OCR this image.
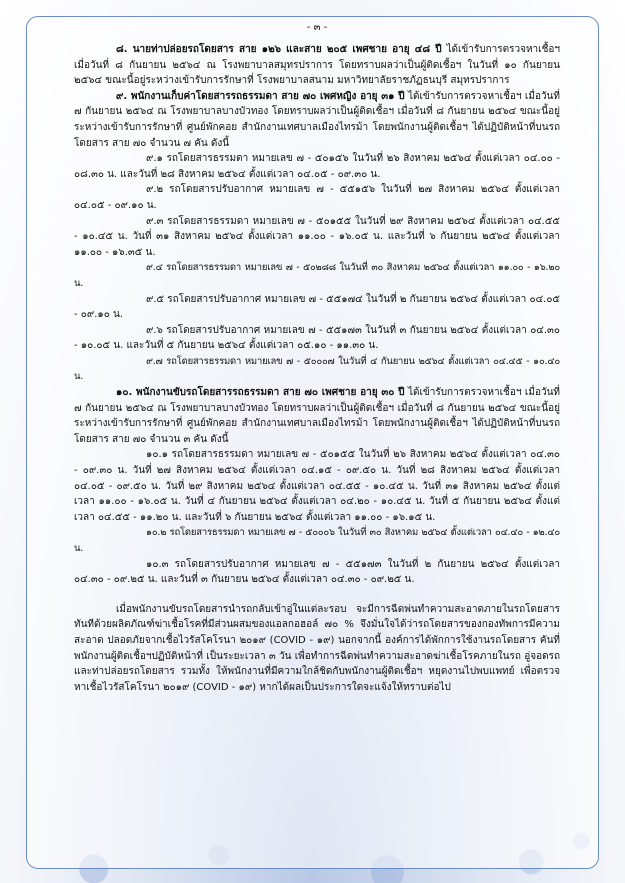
- ๓ -

๘. นายท่าปล่อยรถโดยสาร สาย ๑๒๖ และสาย ๒๐๕ เพศชาย อายุ ๔๘ ปี ได้เข้ารับการตรวจหาเชื้อฯ เมื่อวันที่ ๘ กันยายน ๒๕๖๔ ณ โรงพยาบาลสมุทรปราการ โดยทราบผลว่าเป็นผู้ติดเชื้อฯ ในวันที่ ๑๐ กันยายน ๒๕๖๔ ขณะนี้อยู่ระหว่างเข้ารับการรักษาที่ โรงพยาบาลสนาม มหาวิทยาลัยราชภัฏธนบุรี สมุทรปราการ

๙. พนักงานเก็บค่าโดยสารรถธรรมดา สาย ๗๐ เพศหญิง อายุ ๓๑ ปี ได้เข้ารับการตรวจหาเชื้อฯ เมื่อวันที่ ๗ กันยายน ๒๕๖๔ ณ โรงพยาบาลบางบัวทอง โดยทราบผลว่าเป็นผู้ติดเชื้อฯ เมื่อวันที่ ๘ กันยายน ๒๕๖๔ ขณะนี้อยู่ระหว่างเข้ารับการรักษาที่ ศูนย์พักคอย สำนักงานเทศบาลเมืองไทรม้า โดยพนักงานผู้ติดเชื้อฯ ได้ปฏิบัติหน้าที่บนรถโดยสาร สาย ๗๐ จำนวน ๗ คัน ดังนี้

๙.๑ รถโดยสารธรรมดา หมายเลข ๗ - ๕๐๑๕๖ ในวันที่ ๒๖ สิงหาคม ๒๕๖๔ ตั้งแต่เวลา ๐๔.๐๐ - ๐๘.๓๐ น. และวันที่ ๒๘ สิงหาคม ๒๕๖๔ ตั้งแต่เวลา ๐๔.๐๕ - ๐๙.๓๐ น.

๙.๒ รถโดยสารปรับอากาศ หมายเลข ๗ - ๕๕๑๕๖ ในวันที่ ๒๗ สิงหาคม ๒๕๖๔ ตั้งแต่เวลา ๐๔.๐๕ - ๐๙.๑๐ น.

๙.๓ รถโดยสารธรรมดา หมายเลข ๗ - ๕๐๑๕๕ ในวันที่ ๒๙ สิงหาคม ๒๕๖๔ ตั้งแต่เวลา ๐๔.๕๕ - ๑๐.๔๕ น. วันที่ ๓๑ สิงหาคม ๒๕๖๔ ตั้งแต่เวลา ๑๑.๐๐ - ๑๖.๐๕ น. และวันที่ ๖ กันยายน ๒๕๖๔ ตั้งแต่เวลา ๑๑.๐๐ - ๑๖.๓๕ น.

๙.๔ รถโดยสารธรรมดา หมายเลข ๗ - ๕๐๒๘๘ ในวันที่ ๓๐ สิงหาคม ๒๕๖๔ ตั้งแต่เวลา ๑๑.๐๐ - ๑๖.๒๐ น.

๙.๕ รถโดยสารปรับอากาศ หมายเลข ๗ - ๕๕๑๗๔ ในวันที่ ๒ กันยายน ๒๕๖๔ ตั้งแต่เวลา ๐๔.๐๕ - ๐๙.๑๐ น.

๙.๖ รถโดยสารปรับอากาศ หมายเลข ๗ - ๕๕๑๗๓ ในวันที่ ๓ กันยายน ๒๕๖๔ ตั้งแต่เวลา ๐๔.๓๐ - ๑๐.๐๕ น. และวันที่ ๕ กันยายน ๒๕๖๔ ตั้งแต่เวลา ๐๕.๑๐ - ๑๑.๓๐ น.

๙.๗ รถโดยสารธรรมดา หมายเลข ๗ - ๕๐๐๐๗ ในวันที่ ๔ กันยายน ๒๕๖๔ ตั้งแต่เวลา ๐๔.๔๕ - ๑๐.๔๐ น.

๑๐. พนักงานขับรถโดยสารรถธรรมดา สาย ๗๐ เพศชาย อายุ ๓๐ ปี ได้เข้ารับการตรวจหาเชื้อฯ เมื่อวันที่ ๗ กันยายน ๒๕๖๔ ณ โรงพยาบาลบางบัวทอง โดยทราบผลว่าเป็นผู้ติดเชื้อฯ เมื่อวันที่ ๘ กันยายน ๒๕๖๔ ขณะนี้อยู่ระหว่างเข้ารับการรักษาที่ ศูนย์พักคอย สำนักงานเทศบาลเมืองไทรม้า โดยพนักงานผู้ติดเชื้อฯ ได้ปฏิบัติหน้าที่บนรถโดยสาร สาย ๗๐ จำนวน ๓ คัน ดังนี้

๑๐.๑ รถโดยสารธรรมดา หมายเลข ๗ - ๕๐๑๕๕ ในวันที่ ๒๖ สิงหาคม ๒๕๖๔ ตั้งแต่เวลา ๐๔.๓๐ - ๐๙.๓๐ น. วันที่ ๒๗ สิงหาคม ๒๕๖๔ ตั้งแต่เวลา ๐๔.๑๕ - ๐๙.๕๐ น. วันที่ ๒๘ สิงหาคม ๒๕๖๔ ตั้งแต่เวลา ๐๔.๐๕ - ๐๙.๕๐ น. วันที่ ๒๙ สิงหาคม ๒๕๖๔ ตั้งแต่เวลา ๐๔.๕๕ - ๑๐.๔๕ น. วันที่ ๓๑ สิงหาคม ๒๕๖๔ ตั้งแต่เวลา ๑๑.๐๐ - ๑๖.๐๕ น. วันที่ ๔ กันยายน ๒๕๖๔ ตั้งแต่เวลา ๐๔.๒๐ - ๑๐.๔๕ น. วันที่ ๕ กันยายน ๒๕๖๔ ตั้งแต่เวลา ๐๔.๕๕ - ๑๑.๒๐ น. และวันที่ ๖ กันยายน ๒๕๖๔ ตั้งแต่เวลา ๑๑.๐๐ - ๑๖.๑๕ น.

๑๐.๒ รถโดยสารธรรมดา หมายเลข ๗ - ๕๐๐๐๖ ในวันที่ ๓๐ สิงหาคม ๒๕๖๔ ตั้งแต่เวลา ๐๔.๔๐ - ๑๒.๔๐ น.

๑๐.๓ รถโดยสารปรับอากาศ หมายเลข ๗ - ๕๕๑๗๓ ในวันที่ ๒ กันยายน ๒๕๖๔ ตั้งแต่เวลา ๐๔.๓๐ - ๐๙.๒๕ น. และวันที่ ๓ กันยายน ๒๕๖๔ ตั้งแต่เวลา ๐๔.๓๐ - ๐๙.๒๕ น.

เมื่อพนักงานขับรถโดยสารนำรถกลับเข้าอู่ในแต่ละรอบ จะมีการฉีดพ่นทำความสะอาดภายในรถโดยสารทันทีด้วยผลิตภัณฑ์ฆ่าเชื้อโรคที่มีส่วนผสมของแอลกอฮอล์ ๗๐ % จึงมั่นใจได้ว่ารถโดยสารของกองทัพการมีความสะอาด ปลอดภัยจากเชื้อไวรัสโคโรนา ๒๐๑๙ (COVID - ๑๙) นอกจากนี้ องค์การได้พักการใช้งานรถโดยสาร คันที่พนักงานผู้ติดเชื้อฯปฏิบัติหน้าที่ เป็นระยะเวลา ๓ วัน เพื่อทำการฉีดพ่นทำความสะอาดฆ่าเชื้อโรคภายในรถ อู่จอดรถ และท่าปล่อยรถโดยสาร รวมทั้ง ให้พนักงานที่มีความใกล้ชิดกับพนักงานผู้ติดเชื้อฯ หยุดงานไปพบแพทย์ เพื่อตรวจหาเชื้อไวรัสโคโรนา ๒๐๑๙ (COVID - ๑๙) หากได้ผลเป็นประการใดจะแจ้งให้ทราบต่อไป
